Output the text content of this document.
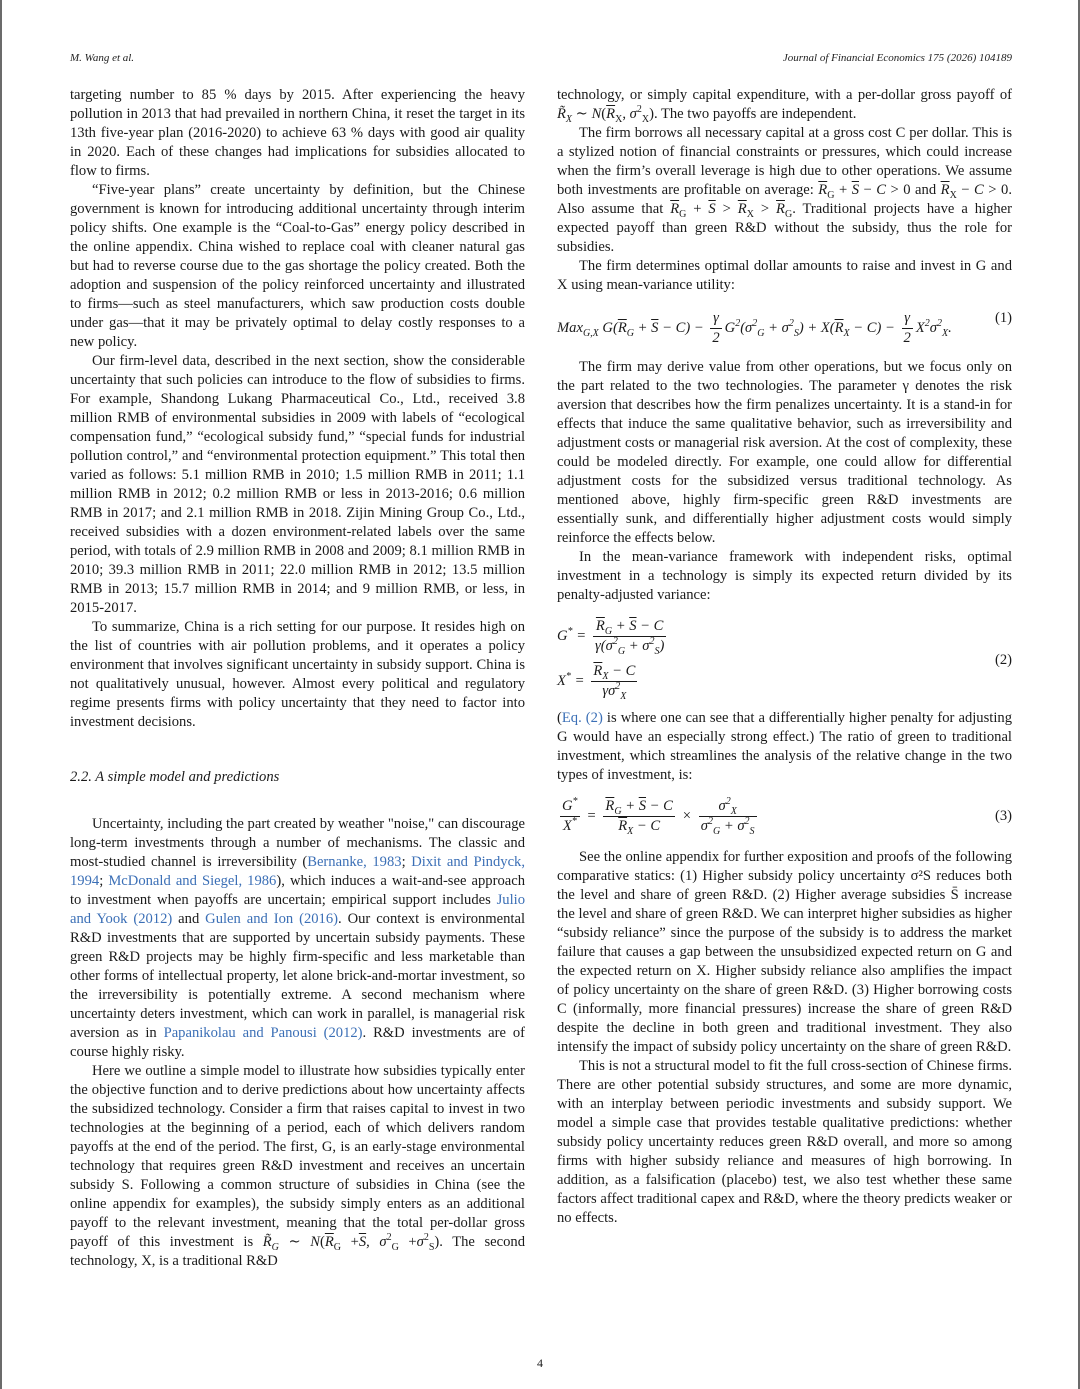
M. Wang et al.	Journal of Financial Economics 175 (2026) 104189

targeting number to 85 % days by 2015. After experiencing the heavy pollution in 2013 that had prevailed in northern China, it reset the target in its 13th five-year plan (2016-2020) to achieve 63 % days with good air quality in 2020. Each of these changes had implications for subsidies allocated to flow to firms.

“Five-year plans” create uncertainty by definition, but the Chinese government is known for introducing additional uncertainty through interim policy shifts. One example is the “Coal-to-Gas” energy policy described in the online appendix. China wished to replace coal with cleaner natural gas but had to reverse course due to the gas shortage the policy created. Both the adoption and suspension of the policy reinforced uncertainty and illustrated to firms—such as steel manufacturers, which saw production costs double under gas—that it may be privately optimal to delay costly responses to a new policy.

Our firm-level data, described in the next section, show the considerable uncertainty that such policies can introduce to the flow of subsidies to firms. For example, Shandong Lukang Pharmaceutical Co., Ltd., received 3.8 million RMB of environmental subsidies in 2009 with labels of “ecological compensation fund,” “ecological subsidy fund,” “special funds for industrial pollution control,” and “environmental protection equipment.” This total then varied as follows: 5.1 million RMB in 2010; 1.5 million RMB in 2011; 1.1 million RMB in 2012; 0.2 million RMB or less in 2013-2016; 0.6 million RMB in 2017; and 2.1 million RMB in 2018. Zijin Mining Group Co., Ltd., received subsidies with a dozen environment-related labels over the same period, with totals of 2.9 million RMB in 2008 and 2009; 8.1 million RMB in 2010; 39.3 million RMB in 2011; 22.0 million RMB in 2012; 13.5 million RMB in 2013; 15.7 million RMB in 2014; and 9 million RMB, or less, in 2015-2017.

To summarize, China is a rich setting for our purpose. It resides high on the list of countries with air pollution problems, and it operates a policy environment that involves significant uncertainty in subsidy support. China is not qualitatively unusual, however. Almost every political and regulatory regime presents firms with policy uncertainty that they need to factor into investment decisions.

2.2. A simple model and predictions

Uncertainty, including the part created by weather "noise," can discourage long-term investments through a number of mechanisms. The classic and most-studied channel is irreversibility (Bernanke, 1983; Dixit and Pindyck, 1994; McDonald and Siegel, 1986), which induces a wait-and-see approach to investment when payoffs are uncertain; empirical support includes Julio and Yook (2012) and Gulen and Ion (2016). Our context is environmental R&D investments that are supported by uncertain subsidy payments. These green R&D projects may be highly firm-specific and less marketable than other forms of intellectual property, let alone brick-and-mortar investment, so the irreversibility is potentially extreme. A second mechanism where uncertainty deters investment, which can work in parallel, is managerial risk aversion as in Papanikolau and Panousi (2012). R&D investments are of course highly risky.

Here we outline a simple model to illustrate how subsidies typically enter the objective function and to derive predictions about how uncertainty affects the subsidized technology. Consider a firm that raises capital to invest in two technologies at the beginning of a period, each of which delivers random payoffs at the end of the period. The first, G, is an early-stage environmental technology that requires green R&D investment and receives an uncertain subsidy S. Following a common structure of subsidies in China (see the online appendix for examples), the subsidy simply enters as an additional payoff to the relevant investment, meaning that the total per-dollar gross payoff of this investment is $R̃_G$ ∼ $N(\overline{R}_G +\overline{S}$, $\sigma^2_G +\sigma^2_S$). The second technology, X, is a traditional R&D

technology, or simply capital expenditure, with a per-dollar gross payoff of $R̃_X$ ∼ $N(\overline{R}_X$, $\sigma^2_X$). The two payoffs are independent.

The firm borrows all necessary capital at a gross cost C per dollar. This is a stylized notion of financial constraints or pressures, which could increase when the firm’s overall leverage is high due to other operations. We assume both investments are profitable on average: $\overline{R}_G + \overline{S} - C > 0$ and $\overline{R}_X - C > 0$. Also assume that $\overline{R}_G + \overline{S} > \overline{R}_X > \overline{R}_G$. Traditional projects have a higher expected payoff than green R&D without the subsidy, thus the role for subsidies.

The firm determines optimal dollar amounts to raise and invest in G and X using mean-variance utility:

Max$_{G,X}$ $G(\overline{R}_G + \overline{S} - C) - \frac{\gamma}{2} G^2(\sigma^2_G + \sigma^2_S) + X(\overline{R}_X - C) - \frac{\gamma}{2} X^2\sigma^2_X$.
(1)

The firm may derive value from other operations, but we focus only on the part related to the two technologies. The parameter γ denotes the risk aversion that describes how the firm penalizes uncertainty. It is a stand-in for effects that induce the same qualitative behavior, such as irreversibility and adjustment costs or managerial risk aversion. At the cost of complexity, these could be modeled directly. For example, one could allow for differential adjustment costs for the subsidized versus traditional technology. As mentioned above, highly firm-specific green R&D investments are essentially sunk, and differentially higher adjustment costs would simply reinforce the effects below.

In the mean-variance framework with independent risks, optimal investment in a technology is simply its expected return divided by its penalty-adjusted variance:

$G^* = \frac{\overline{R}_G + \overline{S} - C}{\gamma(\sigma^2_G + \sigma^2_S)}$
$X^* = \frac{\overline{R}_X - C}{\gamma\sigma^2_X}$
(2)

(Eq. (2) is where one can see that a differentially higher penalty for adjusting G would have an especially strong effect.) The ratio of green to traditional investment, which streamlines the analysis of the relative change in the two types of investment, is:

$\frac{G^*}{X^*} = \frac{\overline{R}_G + \overline{S} - C}{\overline{R}_X - C} \times \frac{\sigma^2_X}{\sigma^2_G + \sigma^2_S}$	(3)

See the online appendix for further exposition and proofs of the following comparative statics: (1) Higher subsidy policy uncertainty σ²S reduces both the level and share of green R&D. (2) Higher average subsidies S̄ increase the level and share of green R&D. We can interpret higher subsidies as higher “subsidy reliance” since the purpose of the subsidy is to address the market failure that causes a gap between the unsubsidized expected return on G and the expected return on X. Higher subsidy reliance also amplifies the impact of policy uncertainty on the share of green R&D. (3) Higher borrowing costs C (informally, more financial pressures) increase the share of green R&D despite the decline in both green and traditional investment. They also intensify the impact of subsidy policy uncertainty on the share of green R&D.

This is not a structural model to fit the full cross-section of Chinese firms. There are other potential subsidy structures, and some are more dynamic, with an interplay between periodic investments and subsidy support. We model a simple case that provides testable qualitative predictions: whether subsidy policy uncertainty reduces green R&D overall, and more so among firms with higher subsidy reliance and measures of high borrowing. In addition, as a falsification (placebo) test, we also test whether these same factors affect traditional capex and R&D, where the theory predicts weaker or no effects.

4
